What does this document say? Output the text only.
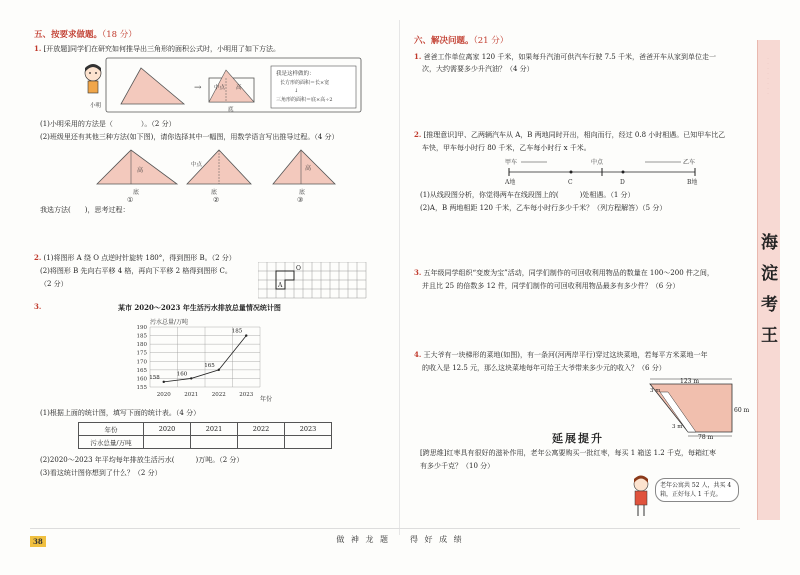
五、按要求做题。（18 分）
1. [开放题]同学们在研究如何推导出三角形的面积公式时，小明用了如下方法。
→ 中点 高
底
我是这样做的：
长方形的面积＝长×宽
↓
三角形的面积＝底×高÷2
小明
(1)小明采用的方法是（　　　　）。（2 分）
(2)班级里还有其他三种方法(如下图)，请你选择其中一幅图，用数学语言写出推导过程。（4 分）
高
底
①
中点
底
②
高
底
③
我选方法(　　)，思考过程：
2. (1)将图形 A 绕 O 点逆时针旋转 180°，得到图形 B。（2 分）
(2)将图形 B 先向右平移 4 格，再向下平移 2 格得到图形 C。
（2 分）	A
O
3.	某市 2020～2023 年生活污水排放总量情况统计图
污水总量/万吨
190
185
180
175
170
165
160
155
2020 2021 2022 2023
158
160
165
185
年份
(1)根据上面的统计图，填写下面的统计表。（4 分）
年份	2020	2021	2022	2023
污水总量/万吨				
(2)2020～2023 年平均每年排放生活污水(　　　)万吨。（2 分）
(3)看这统计图你想到了什么？（2 分）
六、解决问题。（21 分）
1. 爸爸工作单位离家 120 千米，如果每升汽油可供汽车行驶 7.5 千米，爸爸开车从家到单位走一
次，大约需要多少升汽油？（4 分）
2. [推理意识]甲、乙两辆汽车从 A，B 两地同时开出，相向而行，经过 0.8 小时相遇。已知甲车比乙
车快，甲车每小时行 80 千米，乙车每小时行 x 千米。
甲车	中点	乙车
A地	C	D	B地
(1)从线段图分析，你觉得两车在线段图上的(　　　)处相遇。（1 分）
(2)A，B 两地相距 120 千米，乙车每小时行多少千米？（列方程解答）（5 分）
3. 五年级同学组织“变废为宝”活动，同学们制作的可回收利用物品的数量在 100～200 件之间，
并且比 25 的倍数多 12 件，同学们制作的可回收利用物品最多有多少件？（6 分）
4. 王大爷有一块梯形的菜地(如图)，有一条河(河两岸平行)穿过这块菜地，若每平方米菜地一年
的收入是 12.5 元，那么这块菜地每年可给王大爷带来多少元的收入？（6 分）
123 m
3 m
3 m
60 m
78 m
延展提升
[跨思维]红枣具有很好的滋补作用，老年公寓要购买一批红枣，每买 1 箱送 1.2 千克，每箱红枣
有多少千克？（10 分）
老年公寓共 52 人，共买 4 箱，正好每人 1 千克。
·
·
·
·
·
·
·
·
海
淀
考
王
38	做 神 龙 题　　得 好 成 绩
